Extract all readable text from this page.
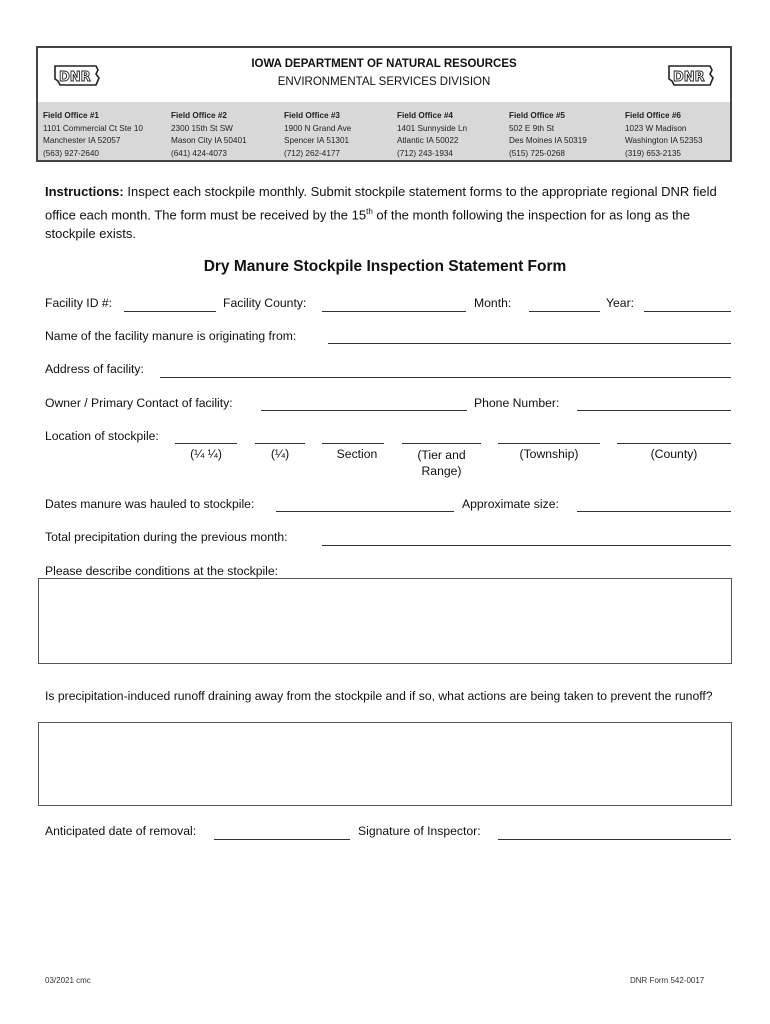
IOWA DEPARTMENT OF NATURAL RESOURCES
ENVIRONMENTAL SERVICES DIVISION
DNR	DNR
Field Office #1
1101 Commercial Ct Ste 10
Manchester IA 52057
(563) 927-2640
Field Office #2
2300 15th St SW
Mason City IA 50401
(641) 424-4073
Field Office #3
1900 N Grand Ave
Spencer IA 51301
(712) 262-4177
Field Office #4
1401 Sunnyside Ln
Atlantic IA 50022
(712) 243-1934
Field Office #5
502 E 9th St
Des Moines IA 50319
(515) 725-0268
Field Office #6
1023 W Madison
Washington IA 52353
(319) 653-2135
Instructions: Inspect each stockpile monthly. Submit stockpile statement forms to the appropriate regional DNR field office each month. The form must be received by the 15th of the month following the inspection for as long as the stockpile exists.
Dry Manure Stockpile Inspection Statement Form
Facility ID #:	Facility County:	Month:	Year:
Name of the facility manure is originating from:
Address of facility:
Owner / Primary Contact of facility:	Phone Number:
Location of stockpile:
(¼ ¼)	(¼)	Section	(Tier and Range)
(Township)	(County)
Dates manure was hauled to stockpile:	Approximate size:
Total precipitation during the previous month:
Please describe conditions at the stockpile:
Is precipitation-induced runoff draining away from the stockpile and if so, what actions are being taken to prevent the runoff?
Anticipated date of removal:	Signature of Inspector:
03/2021 cmc	DNR Form 542-0017
